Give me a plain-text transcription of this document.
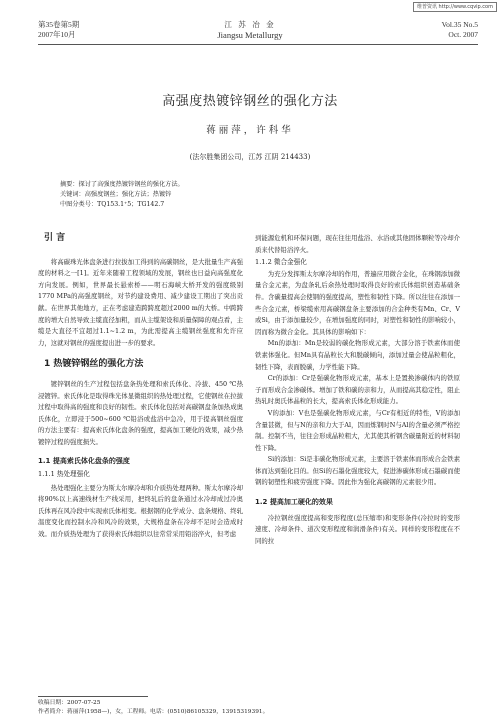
维普资讯 http://www.cqvip.com
第35卷第5期
2007年10月
江 苏 冶 金
Jiangsu Metallurgy
Vol.35 No.5
Oct. 2007
高强度热镀锌钢丝的强化方法
蒋丽萍，许科华
(法尔胜集团公司，江苏 江阴 214433)
摘要：探讨了高强度热镀锌钢丝的强化方法。
关键词：高强度钢丝；强化方法；热镀锌
中图分类号：TQ153.1⁺5；TG142.7
引 言

将高碳珠光体盘条进行拉拔加工得到的高碳钢丝，是大批量生产高强度的材料之一[1]。近年来随着工程领域的发展，钢丝也日益向高强度化方向发展。例如，世界最长悬索桥——明石海峡大桥开发的强度级别1770 MPa的高强度钢丝，对节约建设费用、减少建设工期出了突出贡献。在世界其他地方，正在考虑建造跨跨度超过2000 m的大桥。中跨跨度的增大自然导致主缆直径加粗，而从主缆架设和质量保障的观点看，主缆是大直径不宜超过1.1~1.2 m，为此需提高主缆钢丝强度和允许应力，这就对钢丝的强度提出进一步的要求。

1 热镀锌钢丝的强化方法

镀锌钢丝的生产过程包括盘条热处理和索氏体化、冷拔、450 ℃热浸镀锌。索氏体化是取得珠光体显微组织的热处理过程，它使钢丝在拉拔过程中取得高的强度和良好的韧性。索氏体化包括对高碳钢盘条加热成奥氏体化，立即浸于500~600 ℃铅浴或盐浴中急冷，用于提高钢丝强度的方法主要有：提高索氏体化盘条的强度，提高加工硬化的效果，减少热镀锌过程的强度损失。

1.1 提高索氏体化盘条的强度
1.1.1 热处理强化

热处理强化主要分为斯太尔摩冷却和介质热处理两种。斯太尔摩冷却将90%以上高速线材生产线采用，把终轧后的盘条通过水冷却成过冷奥氏体再在风冷段中实现索氏体相变。根据钢的化学成分、盘条规格、终轧温度变化而控制水冷和风冷的效果，大规格盘条在冷却不足时会造成时效。而介质热处理为了获得索氏体组织以往常常采用铅浴淬火，但考虑

到能源危机和环保问题，现在往往用盐浴、水浴或其他固体颗粒等冷却介质来代替铅浴淬火。

1.1.2 微合金强化

为充分发挥斯太尔摩冷却的作用，普遍应用微合金化，在珠钢添加微量合金元素，为盘条轧后余热处理时取得良好的索氏体组织创造基础条件。含碳量提高会使钢的强度提高，塑性和韧性下降。所以往往在添加一些合金元素，桥梁缆索用高碳钢盘条主要添加的合金种类有Mn、Cr、V或Si，由于添加量较少，在增加强度的同时，对塑性和韧性的影响较小，因而称为微合金化。其具体的影响如下：

Mn的添加：Mn是较弱的碳化物形成元素，大部分溶于铁素体而使铁素体强化。但Mn具有晶粒长大和脱碳倾向，添加过量会使晶粒粗化，韧性下降，表面脱碳，力学性能下降。

Cr的添加：Cr是强碳化物形成元素，基本上是置换渗碳体内的铁原子而形成合金渗碳体。增加了铁和碳的亲和力，从而提高其稳定性，阻止热轧时奥氏体晶粒的长大，提高索氏体化形成能力。

V的添加：V也是强碳化物形成元素，与Cr有相近的特性，V的添加含量甚微，但与N的亲和力大于Al，因而炼钢时N与Al的含量必须严格控制。控制不当，往往会形成晶粒粗大，尤其使其析钢含碳量附近的材料韧性下降。

Si的添加：Si是非碳化物形成元素，主要溶于铁素体而形成合金铁素体而达到强化目的。但Si的石墨化强度较大，促进渗碳体形成石墨碳而使钢的韧塑性和疲劳强度下降。因此作为强化高碳钢的元素很少用。

1.2 提高加工硬化的效果

冷拉钢丝强度提高和变形程度(总压缩率)和变形条件(冷拉时的变形速度、冷却条件、道次变形程度和润滑条件)有关。同样的变形程度在不同的拉

收稿日期：2007-07-25
作者简介：蒋丽萍(1958—)，女，工程师。电话：(0510)86105329，13915319391。
